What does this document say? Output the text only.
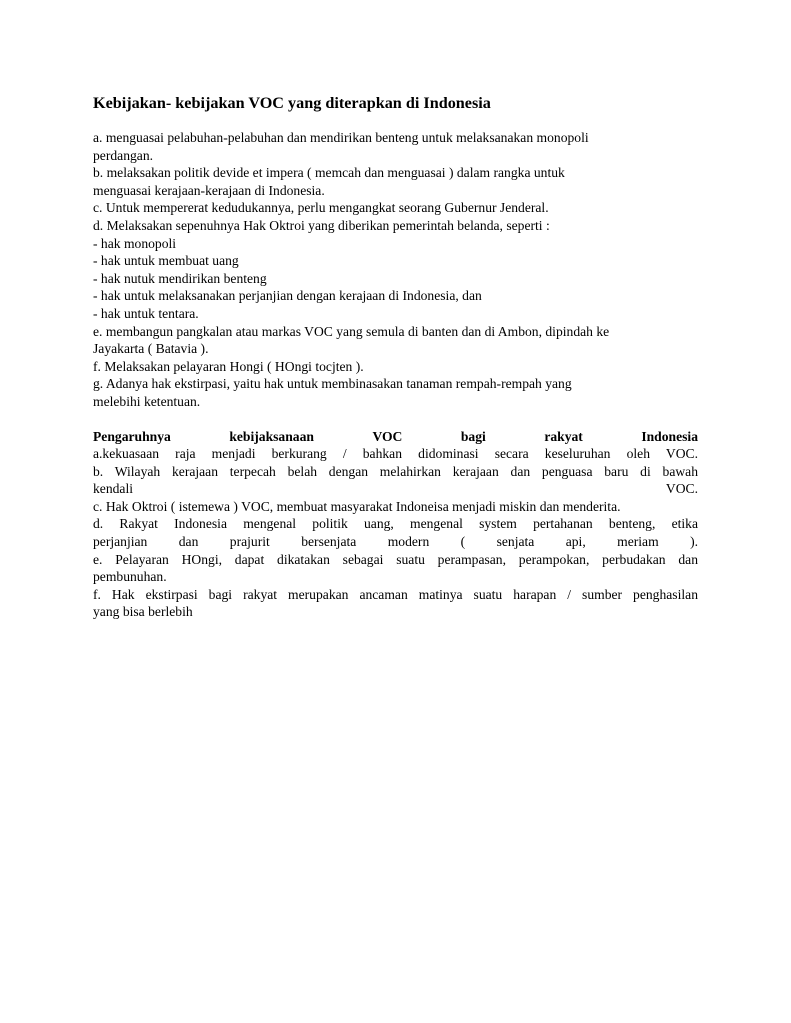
Kebijakan- kebijakan VOC yang diterapkan di Indonesia

a. menguasai pelabuhan-pelabuhan dan mendirikan benteng untuk melaksanakan monopoli

perdangan.

b. melaksakan politik devide et impera ( memcah dan menguasai ) dalam rangka untuk

menguasai kerajaan-kerajaan di Indonesia.

c. Untuk mempererat kedudukannya, perlu mengangkat seorang Gubernur Jenderal.

d. Melaksakan sepenuhnya Hak Oktroi yang diberikan pemerintah belanda, seperti :

- hak monopoli

- hak untuk membuat uang

- hak nutuk mendirikan benteng

- hak untuk melaksanakan perjanjian dengan kerajaan di Indonesia, dan

- hak untuk tentara.

e. membangun pangkalan atau markas VOC yang semula di banten dan di Ambon, dipindah ke

Jayakarta ( Batavia ).

f. Melaksakan pelayaran Hongi ( HOngi tocjten ).

g. Adanya hak ekstirpasi, yaitu hak untuk membinasakan tanaman rempah-rempah yang

melebihi ketentuan.

Pengaruhnya	kebijaksanaan	VOC	bagi	rakyat	Indonesia

a.kekuasaan raja menjadi berkurang / bahkan didominasi secara keseluruhan oleh VOC.

b. Wilayah kerajaan terpecah belah dengan melahirkan kerajaan dan penguasa baru di bawah

kendali	VOC.

c. Hak Oktroi ( istemewa ) VOC, membuat masyarakat Indoneisa menjadi miskin dan menderita.

d. Rakyat Indonesia mengenal politik uang, mengenal system pertahanan benteng, etika

perjanjian dan prajurit bersenjata modern ( senjata api, meriam ).

e. Pelayaran HOngi, dapat dikatakan sebagai suatu perampasan, perampokan, perbudakan dan

pembunuhan.

f. Hak ekstirpasi bagi rakyat merupakan ancaman matinya suatu harapan / sumber penghasilan

yang bisa berlebih
